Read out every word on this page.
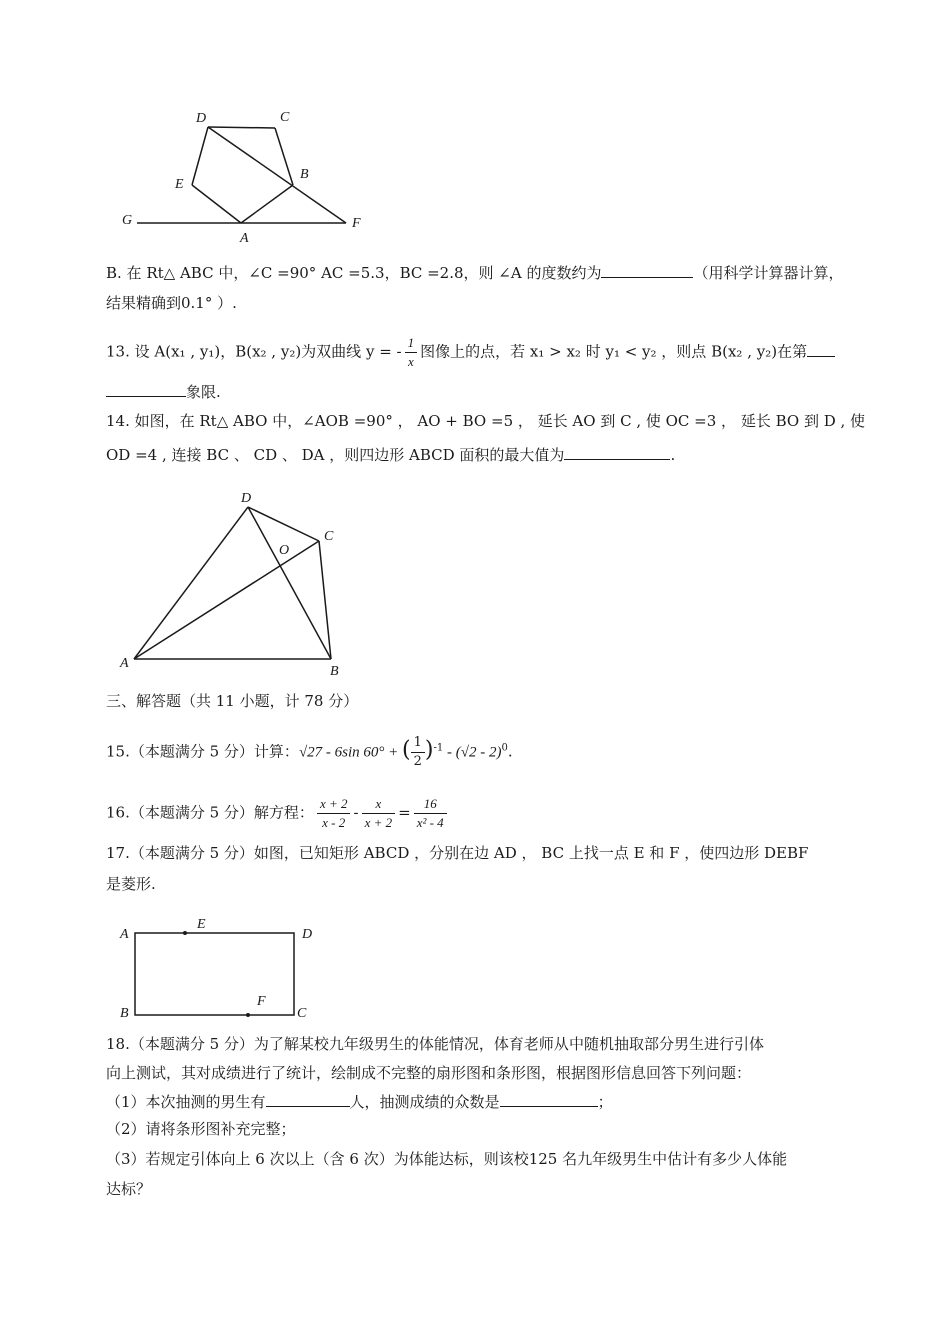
D	C
E
B
G
A
F
B. 在 Rt△ ABC 中，∠C =90° AC =5.3，BC =2.8，则 ∠A 的度数约为	（用科学计算器计算，
结果精确到0.1° ）.
13. 设 A(x₁ , y₁)，B(x₂ , y₂)为双曲线 y = - $\frac{1}{x}$ 图像上的点，若 x₁ > x₂ 时 y₁ < y₂ ，则点 B(x₂ , y₂)在第
象限.
14. 如图，在 Rt△ ABO 中，∠AOB =90° ， AO + BO =5 ， 延长 AO 到 C , 使 OC =3 ， 延长 BO 到 D , 使
OD =4 , 连接 BC 、 CD 、 DA ，则四边形 ABCD 面积的最大值为	.
D
C
O
A
B
三、解答题（共 11 小题，计 78 分）
15.（本题满分 5 分）计算：√27 - 6sin 60° + ( $\frac{1}{2} )^{-1} - (√2 - 2)^0$.
16.（本题满分 5 分）解方程： $\frac{x + 2}{x - 2} - \frac{x}{x + 2} = \frac{16}{\text{x² - 4}}$
17.（本题满分 5 分）如图，已知矩形 ABCD ，分别在边 AD ， BC 上找一点 E 和 F ，使四边形 DEBF
是菱形.
A
E
D
B
F
C
18.（本题满分 5 分）为了解某校九年级男生的体能情况，体育老师从中随机抽取部分男生进行引体
向上测试，其对成绩进行了统计，绘制成不完整的扇形图和条形图，根据图形信息回答下列问题：
（1）本次抽测的男生有	人，抽测成绩的众数是	；
（2）请将条形图补充完整；
（3）若规定引体向上 6 次以上（含 6 次）为体能达标，则该校125 名九年级男生中估计有多少人体能
达标？
